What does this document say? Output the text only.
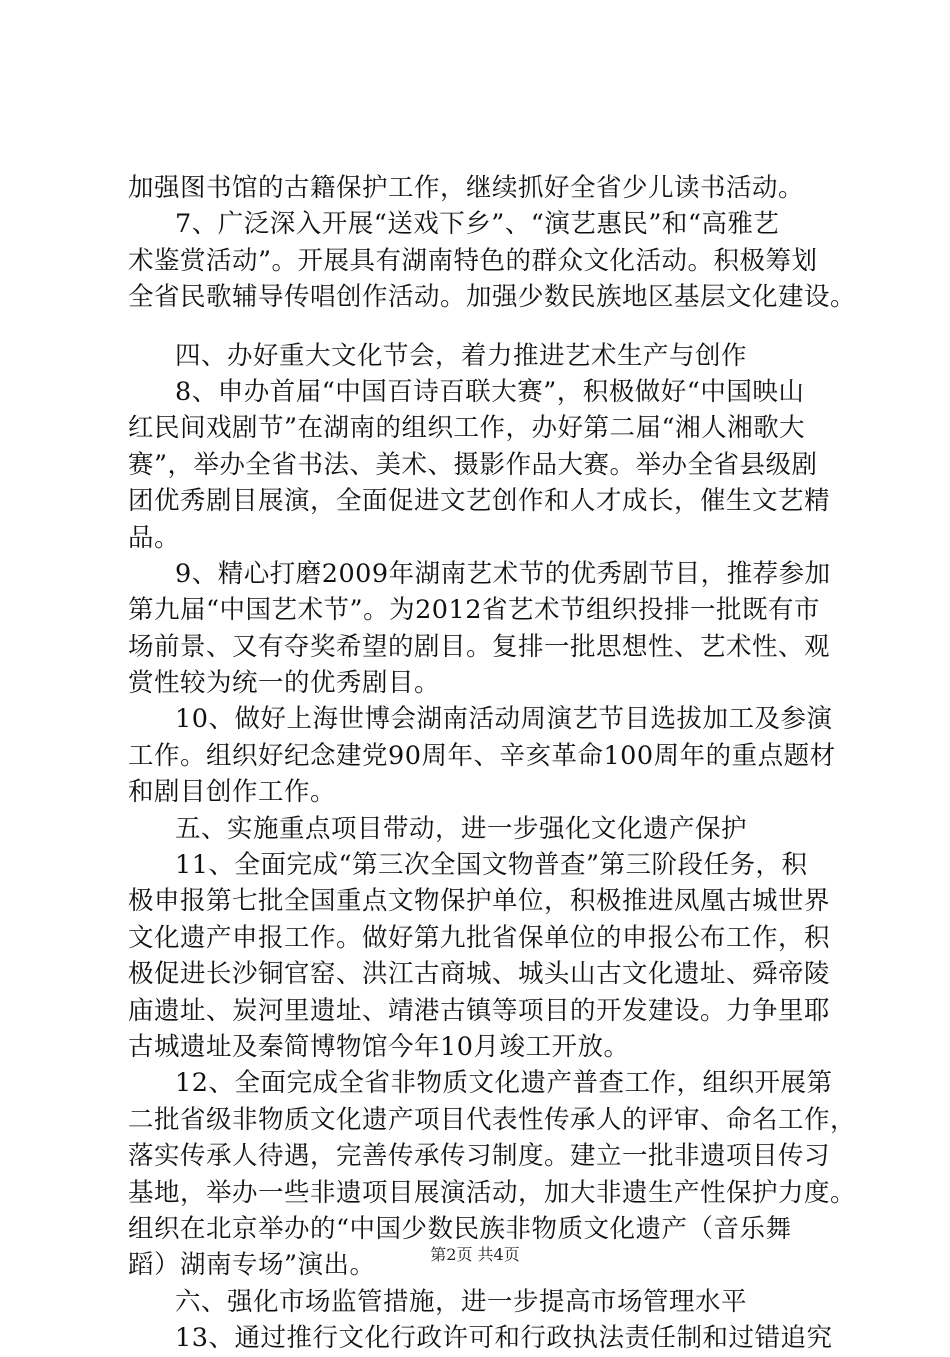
加强图书馆的古籍保护工作，继续抓好全省少儿读书活动。
7、广泛深入开展“送戏下乡”、“演艺惠民”和“高雅艺
术鉴赏活动”。开展具有湖南特色的群众文化活动。积极筹划
全省民歌辅导传唱创作活动。加强少数民族地区基层文化建设。
四、办好重大文化节会，着力推进艺术生产与创作
8、申办首届“中国百诗百联大赛”，积极做好“中国映山
红民间戏剧节”在湖南的组织工作，办好第二届“湘人湘歌大
赛”，举办全省书法、美术、摄影作品大赛。举办全省县级剧
团优秀剧目展演，全面促进文艺创作和人才成长，催生文艺精
品。
9、精心打磨2009年湖南艺术节的优秀剧节目，推荐参加
第九届“中国艺术节”。为2012省艺术节组织投排一批既有市
场前景、又有夺奖希望的剧目。复排一批思想性、艺术性、观
赏性较为统一的优秀剧目。
10、做好上海世博会湖南活动周演艺节目选拔加工及参演
工作。组织好纪念建党90周年、辛亥革命100周年的重点题材
和剧目创作工作。
五、实施重点项目带动，进一步强化文化遗产保护
11、全面完成“第三次全国文物普查”第三阶段任务，积
极申报第七批全国重点文物保护单位，积极推进凤凰古城世界
文化遗产申报工作。做好第九批省保单位的申报公布工作，积
极促进长沙铜官窑、洪江古商城、城头山古文化遗址、舜帝陵
庙遗址、炭河里遗址、靖港古镇等项目的开发建设。力争里耶
古城遗址及秦简博物馆今年10月竣工开放。
12、全面完成全省非物质文化遗产普查工作，组织开展第
二批省级非物质文化遗产项目代表性传承人的评审、命名工作，
落实传承人待遇，完善传承传习制度。建立一批非遗项目传习
基地，举办一些非遗项目展演活动，加大非遗生产性保护力度。
组织在北京举办的“中国少数民族非物质文化遗产（音乐舞
蹈）湖南专场”演出。
六、强化市场监管措施，进一步提高市场管理水平
13、通过推行文化行政许可和行政执法责任制和过错追究
第2页 共4页
